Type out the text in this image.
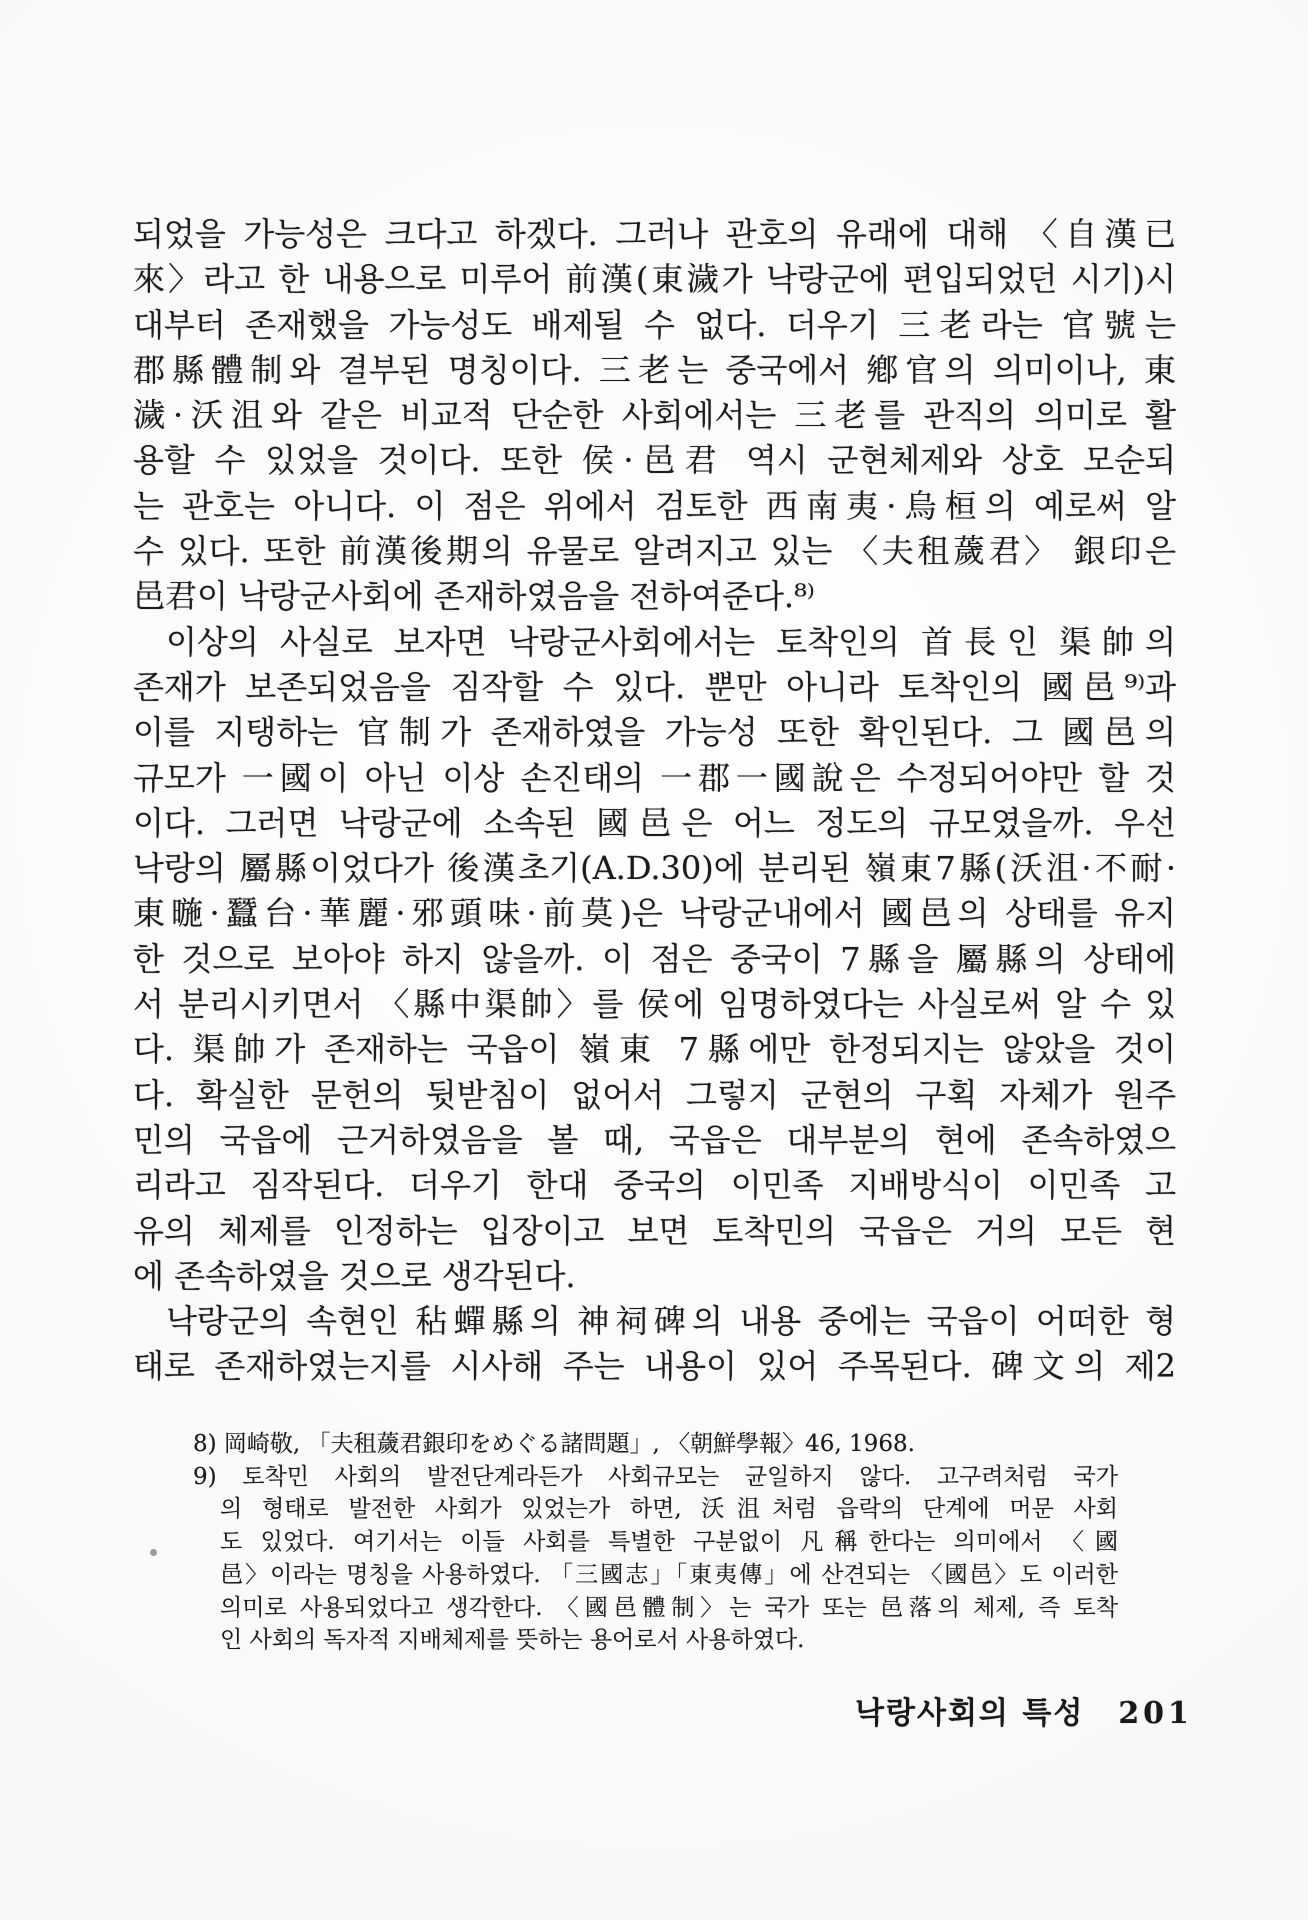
되었을 가능성은 크다고 하겠다. 그러나 관호의 유래에 대해 〈自漢已
來〉라고 한 내용으로 미루어 前漢(東濊가 낙랑군에 편입되었던 시기)시
대부터 존재했을 가능성도 배제될 수 없다. 더우기 三老라는 官號는
郡縣體制와 결부된 명칭이다. 三老는 중국에서 鄕官의 의미이나, 東
濊·沃沮와 같은 비교적 단순한 사회에서는 三老를 관직의 의미로 활
용할 수 있었을 것이다. 또한 侯·邑君 역시 군현체제와 상호 모순되
는 관호는 아니다. 이 점은 위에서 검토한 西南夷·烏桓의 예로써 알
수 있다. 또한 前漢後期의 유물로 알려지고 있는 〈夫租薉君〉 銀印은
邑君이 낙랑군사회에 존재하였음을 전하여준다.⁸⁾
이상의 사실로 보자면 낙랑군사회에서는 토착인의 首長인 渠帥의
존재가 보존되었음을 짐작할 수 있다. 뿐만 아니라 토착인의 國邑⁹⁾과
이를 지탱하는 官制가 존재하였을 가능성 또한 확인된다. 그 國邑의
규모가 一國이 아닌 이상 손진태의 一郡一國說은 수정되어야만 할 것
이다. 그러면 낙랑군에 소속된 國邑은 어느 정도의 규모였을까. 우선
낙랑의 屬縣이었다가 後漢초기(A.D.30)에 분리된 嶺東7縣(沃沮·不耐·
東暆·蠶台·華麗·邪頭味·前莫)은 낙랑군내에서 國邑의 상태를 유지
한 것으로 보아야 하지 않을까. 이 점은 중국이 7縣을 屬縣의 상태에
서 분리시키면서 〈縣中渠帥〉를 侯에 임명하였다는 사실로써 알 수 있
다. 渠帥가 존재하는 국읍이 嶺東 7縣에만 한정되지는 않았을 것이
다. 확실한 문헌의 뒷받침이 없어서 그렇지 군현의 구획 자체가 원주
민의 국읍에 근거하였음을 볼 때, 국읍은 대부분의 현에 존속하였으
리라고 짐작된다. 더우기 한대 중국의 이민족 지배방식이 이민족 고
유의 체제를 인정하는 입장이고 보면 토착민의 국읍은 거의 모든 현
에 존속하였을 것으로 생각된다.
낙랑군의 속현인 秥蟬縣의 神祠碑의 내용 중에는 국읍이 어떠한 형
태로 존재하였는지를 시사해 주는 내용이 있어 주목된다. 碑文의 제2
8) 岡崎敬, 「夫租薉君銀印をめぐる諸問題」, 〈朝鮮學報〉46, 1968.
9) 토착민 사회의 발전단계라든가 사회규모는 균일하지 않다. 고구려처럼 국가
의 형태로 발전한 사회가 있었는가 하면, 沃沮처럼 읍락의 단계에 머문 사회
도 있었다. 여기서는 이들 사회를 특별한 구분없이 凡稱한다는 의미에서 〈國
邑〉이라는 명칭을 사용하였다. 「三國志」「東夷傳」에 산견되는 〈國邑〉도 이러한
의미로 사용되었다고 생각한다. 〈國邑體制〉는 국가 또는 邑落의 체제, 즉 토착
인 사회의 독자적 지배체제를 뜻하는 용어로서 사용하였다.
낙랑사회의 특성 201
